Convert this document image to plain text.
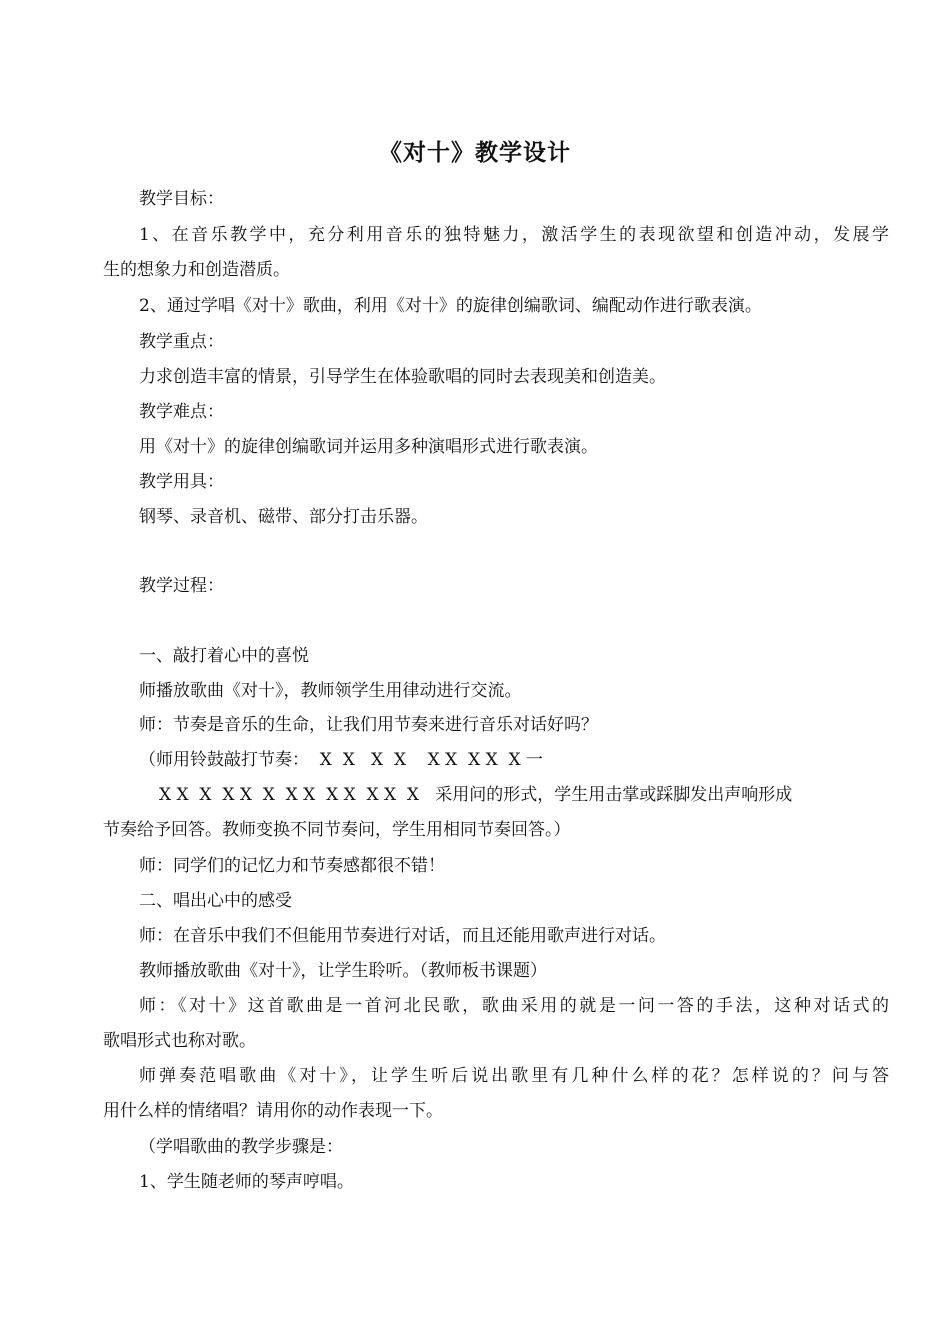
《对十》教学设计
教学目标：
1、在音乐教学中，充分利用音乐的独特魅力，激活学生的表现欲望和创造冲动，发展学
生的想象力和创造潜质。
2、通过学唱《对十》歌曲，利用《对十》的旋律创编歌词、编配动作进行歌表演。
教学重点：
力求创造丰富的情景，引导学生在体验歌唱的同时去表现美和创造美。
教学难点：
用《对十》的旋律创编歌词并运用多种演唱形式进行歌表演。
教学用具：
钢琴、录音机、磁带、部分打击乐器。
教学过程：
一、敲打着心中的喜悦
师播放歌曲《对十》，教师领学生用律动进行交流。
师：节奏是音乐的生命，让我们用节奏来进行音乐对话好吗？
（师用铃鼓敲打节奏：  X  X   X  X    X X  X X  X 一
X X  X  X X  X  X X  X X  X X  X   采用问的形式，学生用击掌或踩脚发出声响形成
节奏给予回答。教师变换不同节奏问，学生用相同节奏回答。）
师：同学们的记忆力和节奏感都很不错！
二、唱出心中的感受
师：在音乐中我们不但能用节奏进行对话，而且还能用歌声进行对话。
教师播放歌曲《对十》，让学生聆听。（教师板书课题）
师：《对十》这首歌曲是一首河北民歌，歌曲采用的就是一问一答的手法，这种对话式的
歌唱形式也称对歌。
师弹奏范唱歌曲《对十》，让学生听后说出歌里有几种什么样的花？怎样说的？问与答
用什么样的情绪唱？请用你的动作表现一下。
（学唱歌曲的教学步骤是：
1、学生随老师的琴声哼唱。
